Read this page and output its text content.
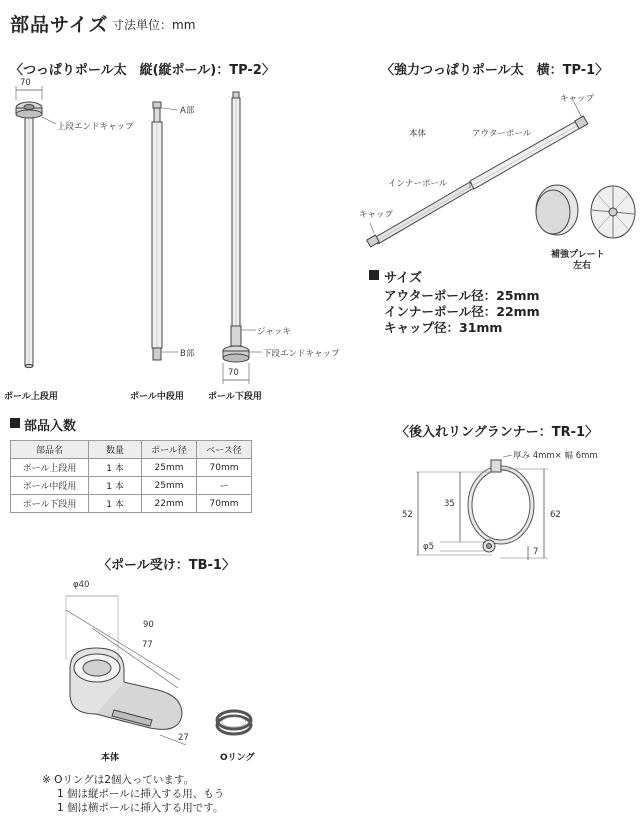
部品サイズ 寸法単位：mm
〈つっぱりポール太　縦(縦ポール)：TP-2〉	〈強力つっぱりポール太　横：TP-1〉
70
上段エンドキャップ
A部
B部
ジャッキ
下段エンドキャップ
70
ポール上段用	ポール中段用	ポール下段用
キャップ
本体	アウターポール
インナーポール
キャップ
補強プレート
左右
サイズ
アウターポール径：25mm
インナーポール径：22mm
キャップ径：31mm
部品入数
部品名	数量	ポール径	ベース径
ポール上段用	1 本	25mm	70mm
ポール中段用	1 本	25mm	ー
ポール下段用	1 本	22mm	70mm
〈後入れリングランナー：TR-1〉
厚み 4mm× 幅 6mm
52
35
62
φ5	7
〈ポール受け：TB-1〉
φ40
90
77
27
本体	Oリング
※ Oリングは2個入っています。
1 個は縦ポールに挿入する用、もう
1 個は横ポールに挿入する用です。
